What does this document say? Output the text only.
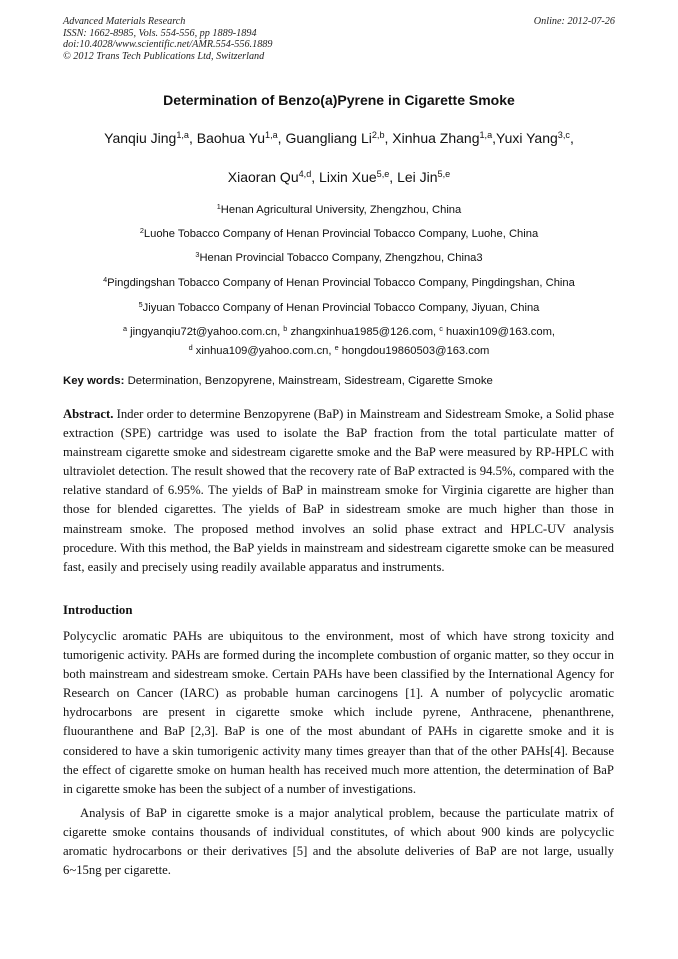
Advanced Materials Research
ISSN: 1662-8985, Vols. 554-556, pp 1889-1894
doi:10.4028/www.scientific.net/AMR.554-556.1889
© 2012 Trans Tech Publications Ltd, Switzerland
Online: 2012-07-26
Determination of Benzo(a)Pyrene in Cigarette Smoke
Yanqiu Jing$^{1,a}$, Baohua Yu$^{1,a}$, Guangliang Li$^{2,b}$, Xinhua Zhang$^{1,a}$,Yuxi Yang$^{3,c}$,
Xiaoran Qu$^{4,d}$, Lixin Xue$^{5,e}$, Lei Jin$^{5,e}$
$^1$Henan Agricultural University, Zhengzhou, China
$^2$Luohe Tobacco Company of Henan Provincial Tobacco Company, Luohe, China
$^3$Henan Provincial Tobacco Company, Zhengzhou, China3
$^4$Pingdingshan Tobacco Company of Henan Provincial Tobacco Company, Pingdingshan, China
$^5$Jiyuan Tobacco Company of Henan Provincial Tobacco Company, Jiyuan, China
$^a$ jingyanqiu72t@yahoo.com.cn, $^b$ zhangxinhua1985@126.com, $^c$ huaxin109@163.com,
$^d$ xinhua109@yahoo.com.cn, $^e$ hongdou19860503@163.com
Key words: Determination, Benzopyrene, Mainstream, Sidestream, Cigarette Smoke
Abstract. Inder order to determine Benzopyrene (BaP) in Mainstream and Sidestream Smoke, a Solid phase extraction (SPE) cartridge was used to isolate the BaP fraction from the total particulate matter of mainstream cigarette smoke and sidestream cigarette smoke and the BaP were measured by RP-HPLC with ultraviolet detection. The result showed that the recovery rate of BaP extracted is 94.5%, compared with the relative standard of 6.95%. The yields of BaP in mainstream smoke for Virginia cigarette are higher than those for blended cigarettes. The yields of BaP in sidestream smoke are much higher than those in mainstream smoke. The proposed method involves an solid phase extract and HPLC-UV analysis procedure. With this method, the BaP yields in mainstream and sidestream cigarette smoke can be measured fast, easily and precisely using readily available apparatus and instruments.
Introduction
Polycyclic aromatic PAHs are ubiquitous to the environment, most of which have strong toxicity and tumorigenic activity. PAHs are formed during the incomplete combustion of organic matter, so they occur in both mainstream and sidestream smoke. Certain PAHs have been classified by the International Agency for Research on Cancer (IARC) as probable human carcinogens [1]. A number of polycyclic aromatic hydrocarbons are present in cigarette smoke which include pyrene, Anthracene, phenanthrene, fluouranthene and BaP [2,3]. BaP is one of the most abundant of PAHs in cigarette smoke and it is considered to have a skin tumorigenic activity many times greayer than that of the other PAHs[4]. Because the effect of cigarette smoke on human health has received much more attention, the determination of BaP in cigarette smoke has been the subject of a number of investigations.
Analysis of BaP in cigarette smoke is a major analytical problem, because the particulate matrix of cigarette smoke contains thousands of individual constitutes, of which about 900 kinds are polycyclic aromatic hydrocarbons or their derivatives [5] and the absolute deliveries of BaP are not large, usually 6~15ng per cigarette.
